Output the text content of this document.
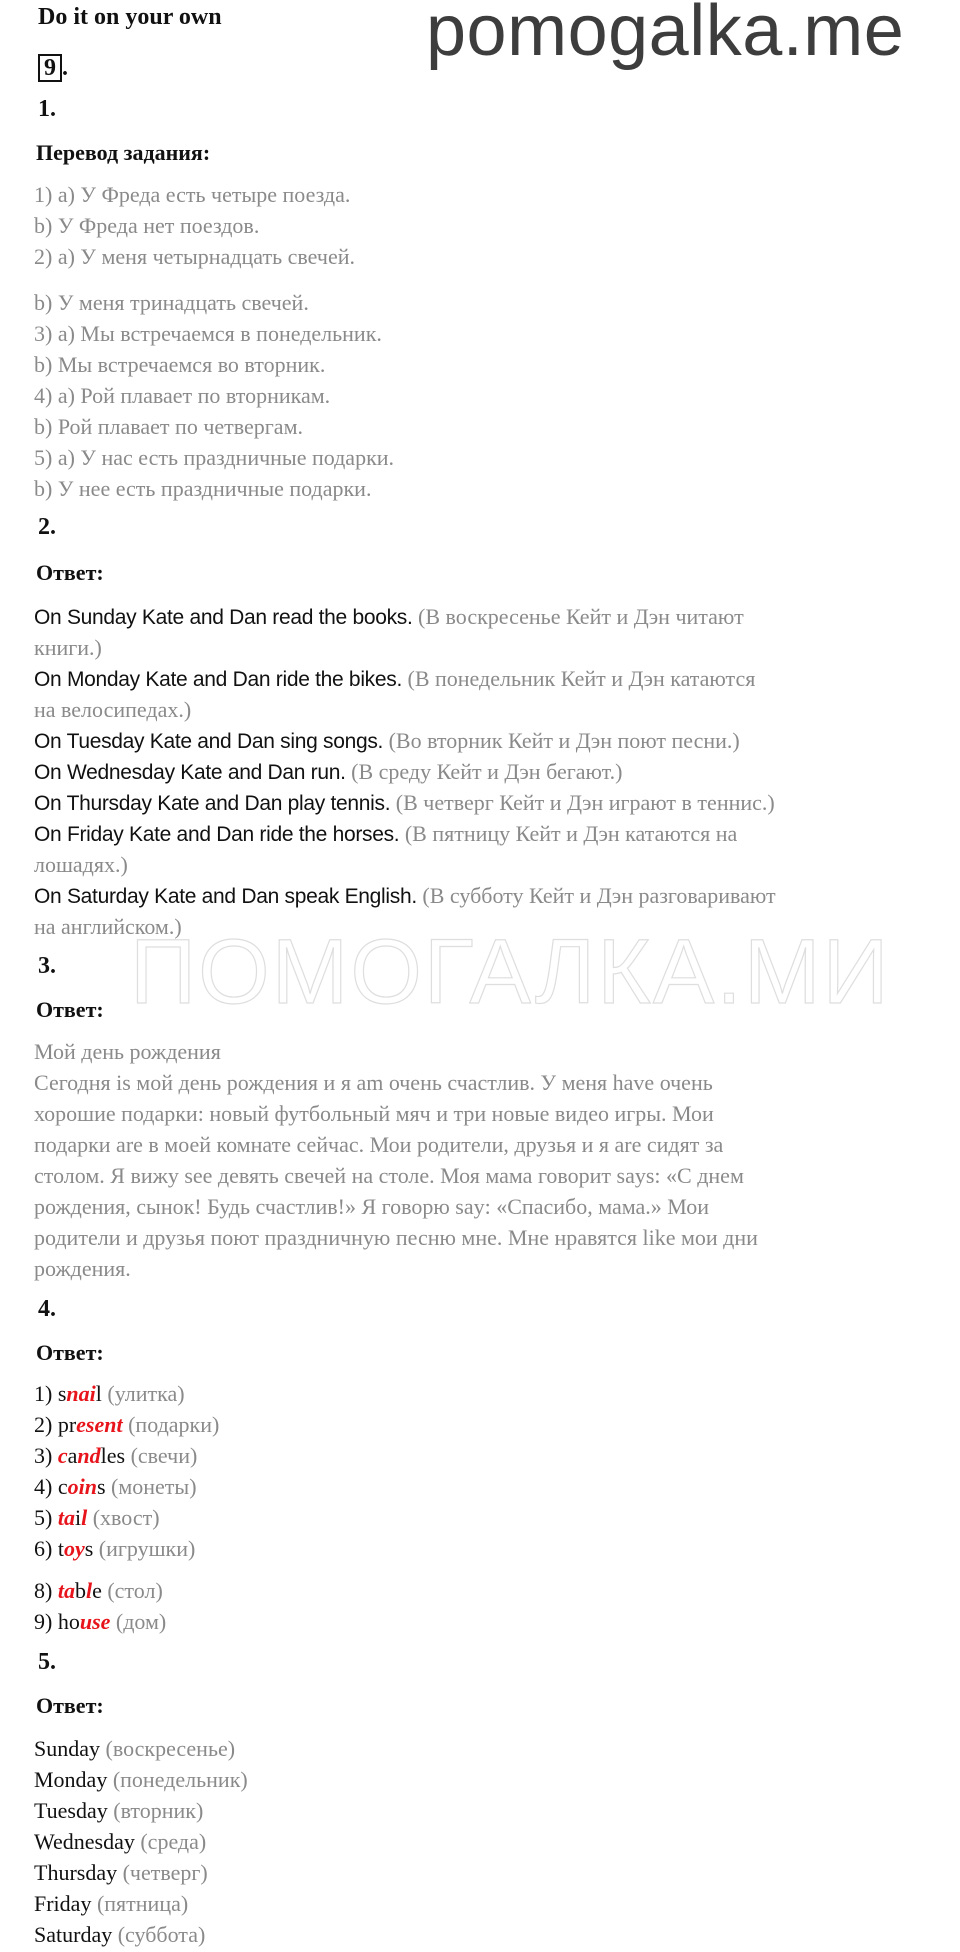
pomogalka.me
ПОМОГАЛКА.МИ
Do it on your own
9 .
1.
Перевод задания:
1) a) У Фреда есть четыре поезда.
b) У Фреда нет поездов.
2) a) У меня четырнадцать свечей.
b) У меня тринадцать свечей.
3) a) Мы встречаемся в понедельник.
b) Мы встречаемся во вторник.
4) a) Рой плавает по вторникам.
b) Рой плавает по четвергам.
5) a) У нас есть праздничные подарки.
b) У нее есть праздничные подарки.
2.
Ответ:
On Sunday Kate and Dan read the books. (В воскресенье Кейт и Дэн читают
книги.)
On Monday Kate and Dan ride the bikes. (В понедельник Кейт и Дэн катаются
на велосипедах.)
On Tuesday Kate and Dan sing songs. (Во вторник Кейт и Дэн поют песни.)
On Wednesday Kate and Dan run. (В среду Кейт и Дэн бегают.)
On Thursday Kate and Dan play tennis. (В четверг Кейт и Дэн играют в теннис.)
On Friday Kate and Dan ride the horses. (В пятницу Кейт и Дэн катаются на
лошадях.)
On Saturday Kate and Dan speak English. (В субботу Кейт и Дэн разговаривают
на английском.)
3.
Ответ:
Мой день рождения
Сегодня is мой день рождения и я am очень счастлив. У меня have очень
хорошие подарки: новый футбольный мяч и три новые видео игры. Мои
подарки are в моей комнате сейчас. Мои родители, друзья и я are сидят за
столом. Я вижу see девять свечей на столе. Моя мама говорит says: «С днем
рождения, сынок! Будь счастлив!» Я говорю say: «Спасибо, мама.» Мои
родители и друзья поют праздничную песню мне. Мне нравятся like мои дни
рождения.
4.
Ответ:
1) snail (улитка)
2) present (подарки)
3) candles (свечи)
4) coins (монеты)
5) tail (хвост)
6) toys (игрушки)
8) table (стол)
9) house (дом)
5.
Ответ:
Sunday (воскресенье)
Monday (понедельник)
Tuesday (вторник)
Wednesday (среда)
Thursday (четверг)
Friday (пятница)
Saturday (суббота)
